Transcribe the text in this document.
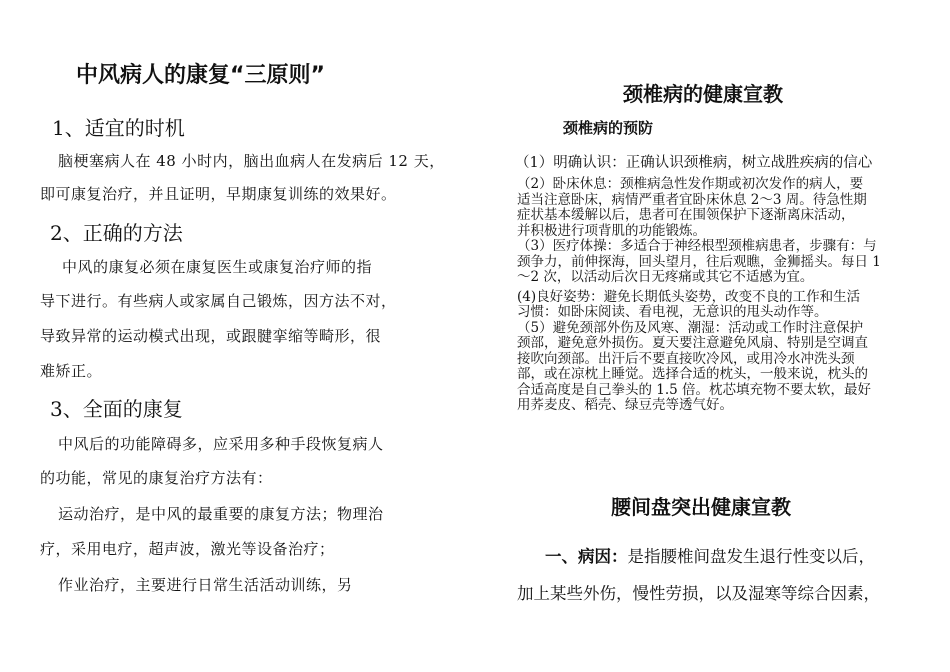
中风病人的康复“三原则”
1、适宜的时机
脑梗塞病人在 48 小时内，脑出血病人在发病后 12 天，
即可康复治疗，并且证明，早期康复训练的效果好。
2、正确的方法
中风的康复必须在康复医生或康复治疗师的指
导下进行。有些病人或家属自己锻炼，因方法不对，
导致异常的运动模式出现，或跟腱挛缩等畸形，很
难矫正。
3、全面的康复
中风后的功能障碍多，应采用多种手段恢复病人
的功能，常见的康复治疗方法有：
运动治疗，是中风的最重要的康复方法；物理治
疗，采用电疗，超声波，激光等设备治疗；
作业治疗，主要进行日常生活活动训练，另
颈椎病的健康宣教
颈椎病的预防
（1）明确认识：正确认识颈椎病，树立战胜疾病的信心
（2）卧床休息：颈椎病急性发作期或初次发作的病人，要
适当注意卧床，病情严重者宜卧床休息 2～3 周。待急性期
症状基本缓解以后，患者可在围领保护下逐渐离床活动，
并积极进行项背肌的功能锻炼。
（3）医疗体操：多适合于神经根型颈椎病患者，步骤有：与
颈争力，前伸探海，回头望月，往后观瞧，金狮摇头。每日 1
～2 次，以活动后次日无疼痛或其它不适感为宜。
(4)良好姿势：避免长期低头姿势，改变不良的工作和生活
习惯：如卧床阅读、看电视，无意识的甩头动作等。
（5）避免颈部外伤及风寒、潮湿：活动或工作时注意保护
颈部，避免意外损伤。夏天要注意避免风扇、特别是空调直
接吹向颈部。出汗后不要直接吹冷风，或用冷水冲洗头颈
部，或在凉枕上睡觉。选择合适的枕头，一般来说，枕头的
合适高度是自己拳头的 1.5 倍。枕芯填充物不要太软，最好
用荞麦皮、稻壳、绿豆壳等透气好。
腰间盘突出健康宣教
一、病因：是指腰椎间盘发生退行性变以后，
加上某些外伤，慢性劳损，以及湿寒等综合因素，
